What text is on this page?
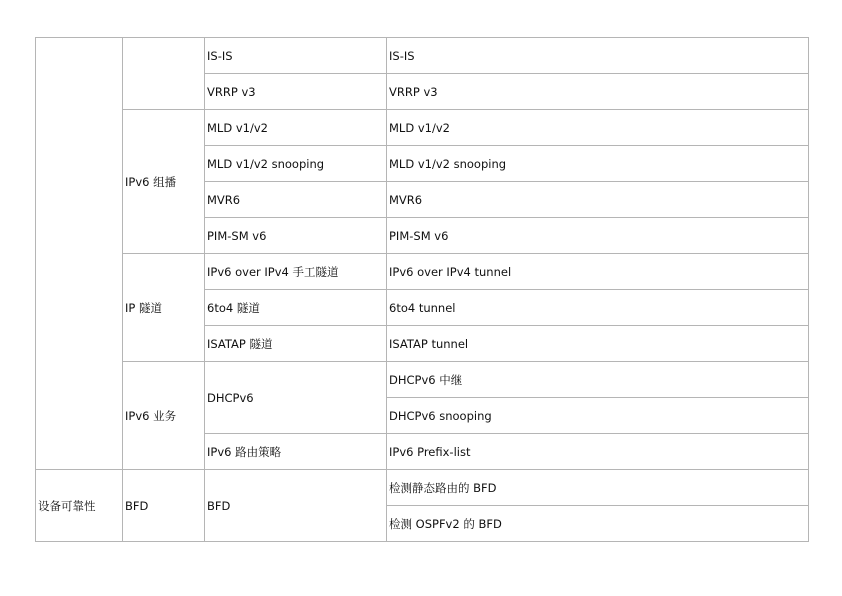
		IS-IS	IS-IS
		VRRP v3	VRRP v3
	IPv6 组播	MLD v1/v2	MLD v1/v2
		MLD v1/v2 snooping	MLD v1/v2 snooping
		MVR6	MVR6
		PIM-SM v6	PIM-SM v6
	IP 隧道	IPv6 over IPv4 手工隧道	IPv6 over IPv4 tunnel
		6to4 隧道	6to4 tunnel
		ISATAP 隧道	ISATAP tunnel
	IPv6 业务	DHCPv6	DHCPv6 中继
			DHCPv6 snooping
		IPv6 路由策略	IPv6 Prefix-list
设备可靠性	BFD	BFD	检测静态路由的 BFD
			检测 OSPFv2 的 BFD
